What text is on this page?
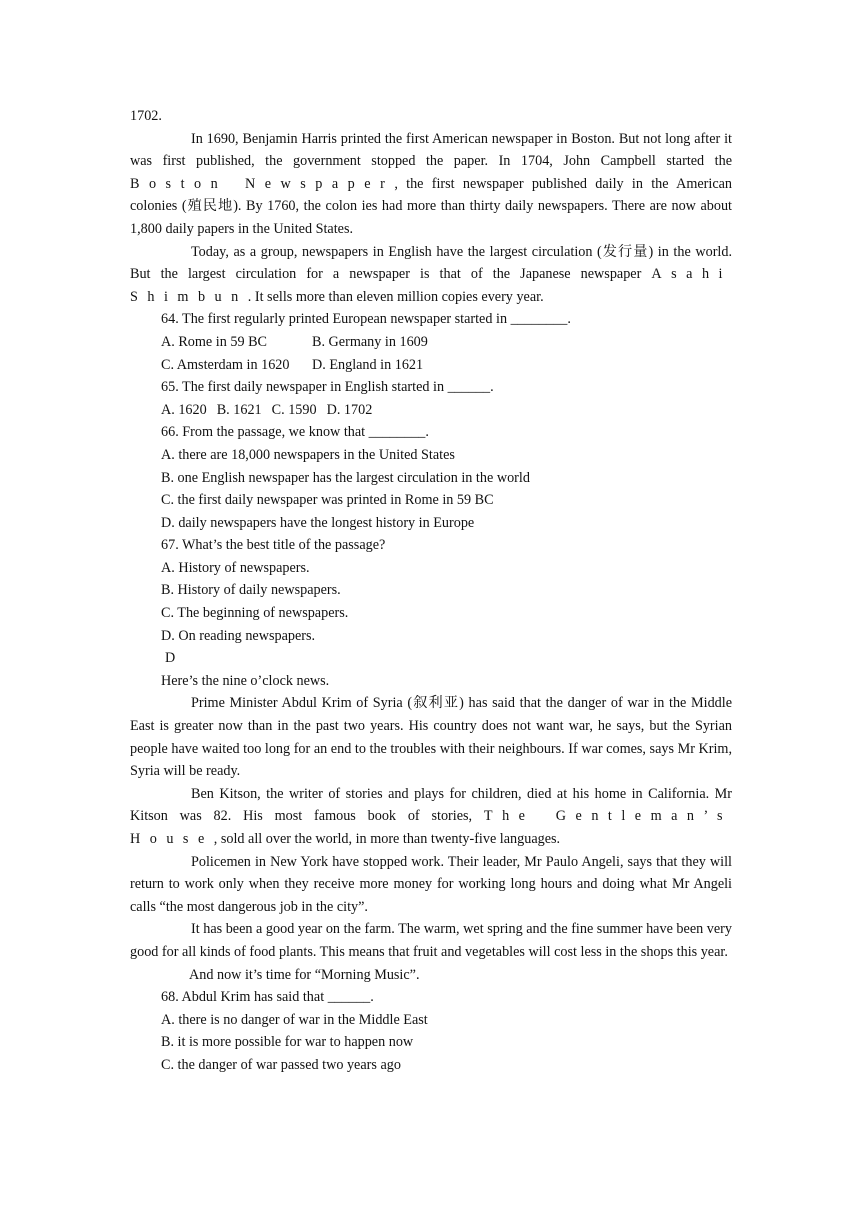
1702.

In 1690, Benjamin Harris printed the first American newspaper in Boston. But not long after it was first published, the government stopped the paper. In 1704, John Campbell started the Boston Newspaper, the first newspaper published daily in the American colonies (殖民地). By 1760, the colon ies had more than thirty daily newspapers. There are now about 1,800 daily papers in the United States.

Today, as a group, newspapers in English have the largest circulation (发行量) in the world. But the largest circulation for a newspaper is that of the Japanese newspaper Asahi Shimbun. It sells more than eleven million copies every year.

64. The first regularly printed European newspaper started in ________.

A. Rome in 59 BC	B. Germany in 1609

C. Amsterdam in 1620 D. England in 1621

65. The first daily newspaper in English started in ______.

A. 1620 B. 1621 C. 1590 D. 1702

66. From the passage, we know that ________.

A. there are 18,000 newspapers in the United States

B. one English newspaper has the largest circulation in the world

C. the first daily newspaper was printed in Rome in 59 BC

D. daily newspapers have the longest history in Europe

67. What’s the best title of the passage?

A. History of newspapers.

B. History of daily newspapers.

C. The beginning of newspapers.

D. On reading newspapers.

D

Here’s the nine o’clock news.

Prime Minister Abdul Krim of Syria (叙利亚) has said that the danger of war in the Middle East is greater now than in the past two years. His country does not want war, he says, but the Syrian people have waited too long for an end to the troubles with their neighbours. If war comes, says Mr Krim, Syria will be ready.

Ben Kitson, the writer of stories and plays for children, died at his home in California. Mr Kitson was 82. His most famous book of stories, The Gentleman’s House, sold all over the world, in more than twenty-five languages.

Policemen in New York have stopped work. Their leader, Mr Paulo Angeli, says that they will return to work only when they receive more money for working long hours and doing what Mr Angeli calls “the most dangerous job in the city”.

It has been a good year on the farm. The warm, wet spring and the fine summer have been very good for all kinds of food plants. This means that fruit and vegetables will cost less in the shops this year.

And now it’s time for “Morning Music”.

68. Abdul Krim has said that ______.

A. there is no danger of war in the Middle East

B. it is more possible for war to happen now

C. the danger of war passed two years ago
